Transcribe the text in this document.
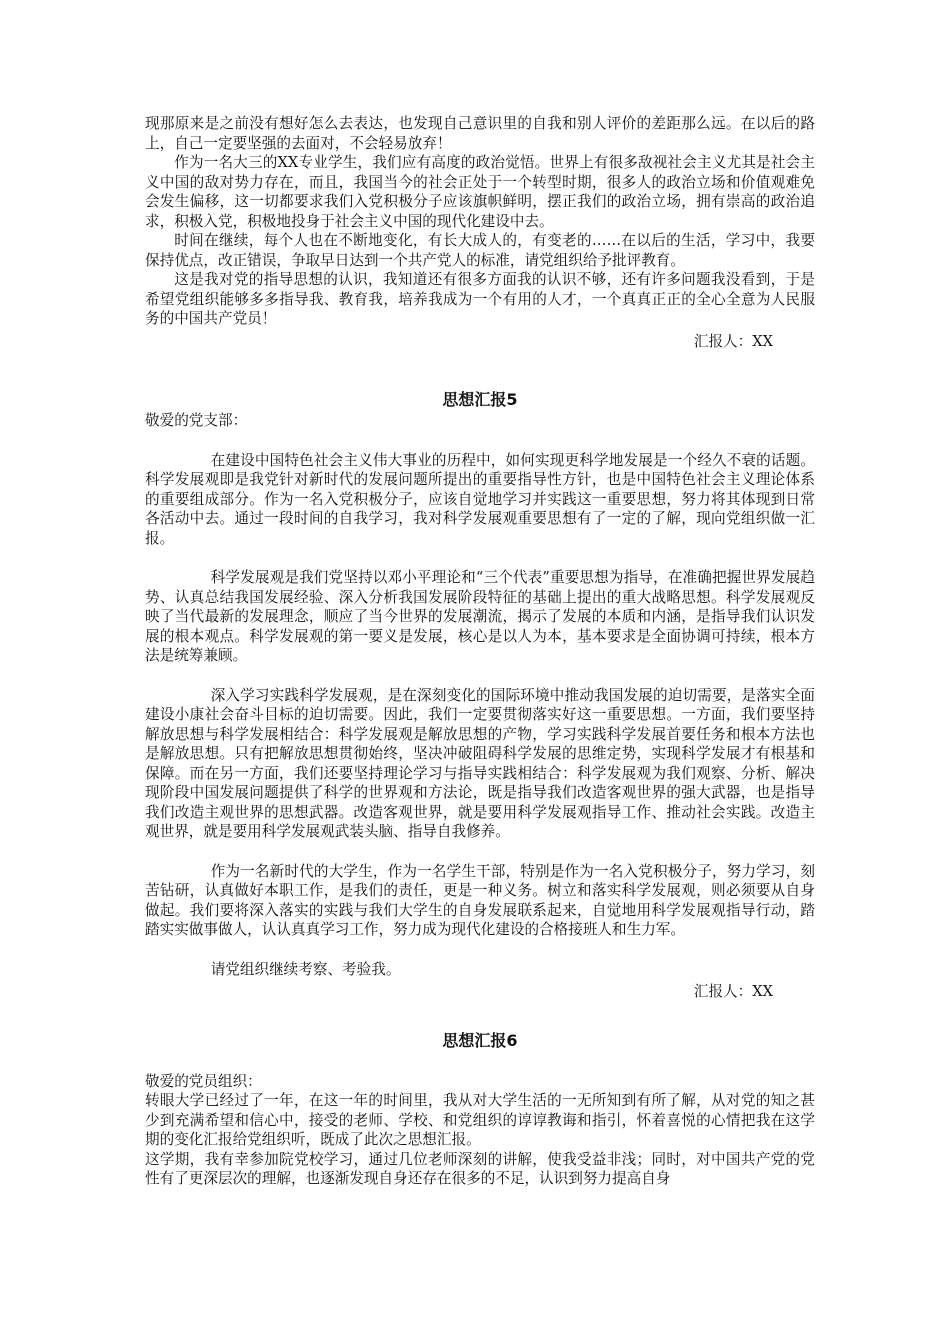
现那原来是之前没有想好怎么去表达，也发现自己意识里的自我和别人评价的差距那么远。在以后的路上，自己一定要坚强的去面对，不会轻易放弃！

作为一名大三的XX专业学生，我们应有高度的政治觉悟。世界上有很多敌视社会主义尤其是社会主义中国的敌对势力存在，而且，我国当今的社会正处于一个转型时期，很多人的政治立场和价值观难免会发生偏移，这一切都要求我们入党积极分子应该旗帜鲜明，摆正我们的政治立场，拥有崇高的政治追求，积极入党，积极地投身于社会主义中国的现代化建设中去。

时间在继续，每个人也在不断地变化，有长大成人的，有变老的……在以后的生活，学习中，我要保持优点，改正错误，争取早日达到一个共产党人的标准，请党组织给予批评教育。

这是我对党的指导思想的认识，我知道还有很多方面我的认识不够，还有许多问题我没看到，于是希望党组织能够多多指导我、教育我，培养我成为一个有用的人才，一个真真正正的全心全意为人民服务的中国共产党员！

汇报人：XX

思想汇报5

敬爱的党支部：

在建设中国特色社会主义伟大事业的历程中，如何实现更科学地发展是一个经久不衰的话题。科学发展观即是我党针对新时代的发展问题所提出的重要指导性方针，也是中国特色社会主义理论体系的重要组成部分。作为一名入党积极分子，应该自觉地学习并实践这一重要思想，努力将其体现到日常各活动中去。通过一段时间的自我学习，我对科学发展观重要思想有了一定的了解，现向党组织做一汇报。

科学发展观是我们党坚持以邓小平理论和“三个代表”重要思想为指导，在准确把握世界发展趋势、认真总结我国发展经验、深入分析我国发展阶段特征的基础上提出的重大战略思想。科学发展观反映了当代最新的发展理念，顺应了当今世界的发展潮流，揭示了发展的本质和内涵，是指导我们认识发展的根本观点。科学发展观的第一要义是发展，核心是以人为本，基本要求是全面协调可持续，根本方法是统筹兼顾。

深入学习实践科学发展观，是在深刻变化的国际环境中推动我国发展的迫切需要，是落实全面建设小康社会奋斗目标的迫切需要。因此，我们一定要贯彻落实好这一重要思想。一方面，我们要坚持解放思想与科学发展相结合：科学发展观是解放思想的产物，学习实践科学发展首要任务和根本方法也是解放思想。只有把解放思想贯彻始终，坚决冲破阻碍科学发展的思维定势，实现科学发展才有根基和保障。而在另一方面，我们还要坚持理论学习与指导实践相结合：科学发展观为我们观察、分析、解决现阶段中国发展问题提供了科学的世界观和方法论，既是指导我们改造客观世界的强大武器，也是指导我们改造主观世界的思想武器。改造客观世界，就是要用科学发展观指导工作、推动社会实践。改造主观世界，就是要用科学发展观武装头脑、指导自我修养。

作为一名新时代的大学生，作为一名学生干部，特别是作为一名入党积极分子，努力学习，刻苦钻研，认真做好本职工作，是我们的责任，更是一种义务。树立和落实科学发展观，则必须要从自身做起。我们要将深入落实的实践与我们大学生的自身发展联系起来，自觉地用科学发展观指导行动，踏踏实实做事做人，认认真真学习工作，努力成为现代化建设的合格接班人和生力军。

请党组织继续考察、考验我。

汇报人：XX

思想汇报6

敬爱的党员组织：

转眼大学已经过了一年，在这一年的时间里，我从对大学生活的一无所知到有所了解，从对党的知之甚少到充满希望和信心中，接受的老师、学校、和党组织的谆谆教诲和指引，怀着喜悦的心情把我在这学期的变化汇报给党组织听，既成了此次之思想汇报。

这学期，我有幸参加院党校学习，通过几位老师深刻的讲解，使我受益非浅；同时，对中国共产党的党性有了更深层次的理解，也逐渐发现自身还存在很多的不足，认识到努力提高自身
